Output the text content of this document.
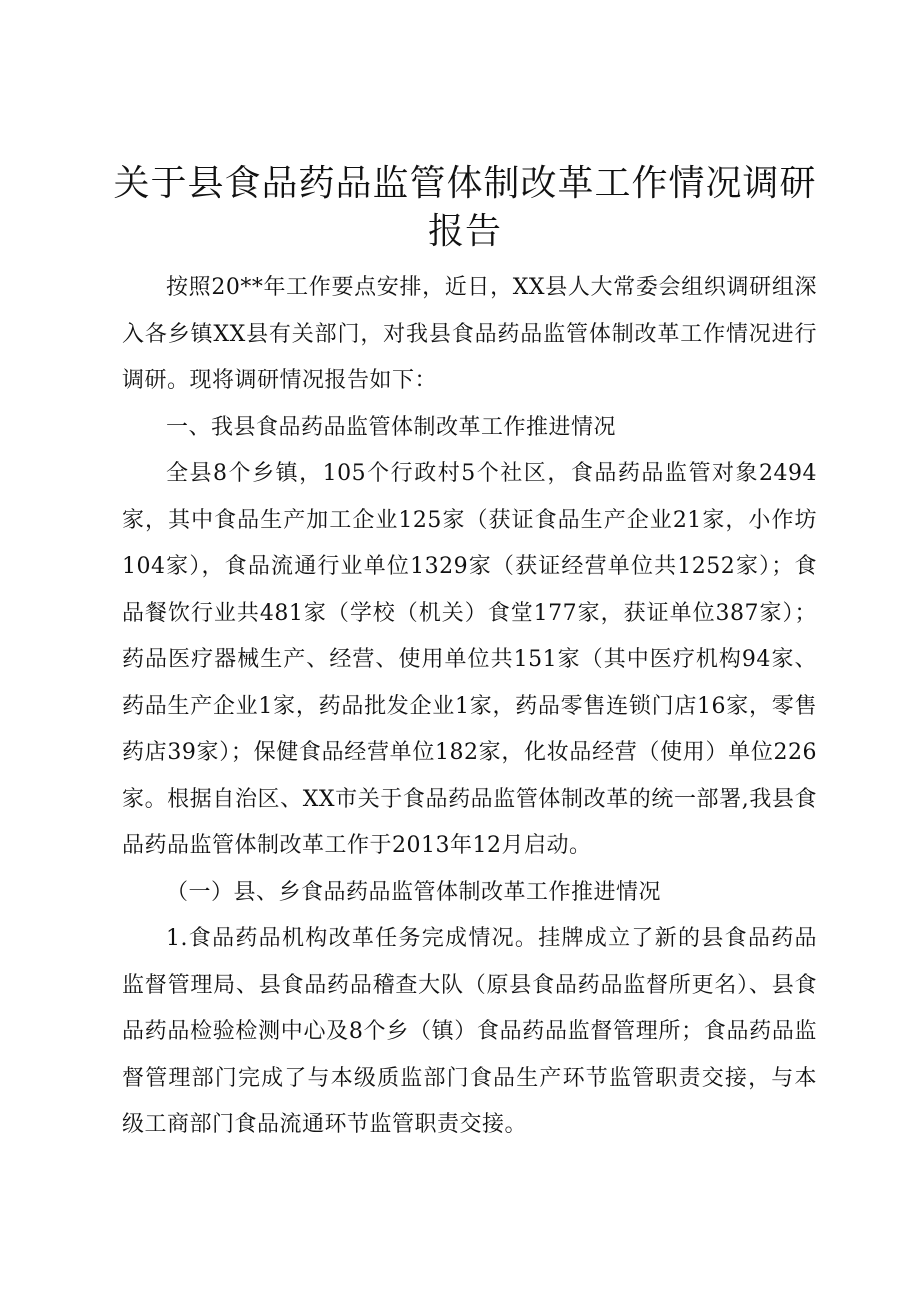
关于县食品药品监管体制改革工作情况调研报告

按照20**年工作要点安排，近日，XX县人大常委会组织调研组深入各乡镇XX县有关部门，对我县食品药品监管体制改革工作情况进行调研。现将调研情况报告如下：

一、我县食品药品监管体制改革工作推进情况

全县8个乡镇，105个行政村5个社区，食品药品监管对象2494家，其中食品生产加工企业125家（获证食品生产企业21家，小作坊104家），食品流通行业单位1329家（获证经营单位共1252家）；食品餐饮行业共481家（学校（机关）食堂177家，获证单位387家）；药品医疗器械生产、经营、使用单位共151家（其中医疗机构94家、药品生产企业1家，药品批发企业1家，药品零售连锁门店16家，零售药店39家）；保健食品经营单位182家，化妆品经营（使用）单位226家。根据自治区、XX市关于食品药品监管体制改革的统一部署,我县食品药品监管体制改革工作于2013年12月启动。

（一）县、乡食品药品监管体制改革工作推进情况

1.食品药品机构改革任务完成情况。挂牌成立了新的县食品药品监督管理局、县食品药品稽查大队（原县食品药品监督所更名）、县食品药品检验检测中心及8个乡（镇）食品药品监督管理所；食品药品监督管理部门完成了与本级质监部门食品生产环节监管职责交接，与本级工商部门食品流通环节监管职责交接。
